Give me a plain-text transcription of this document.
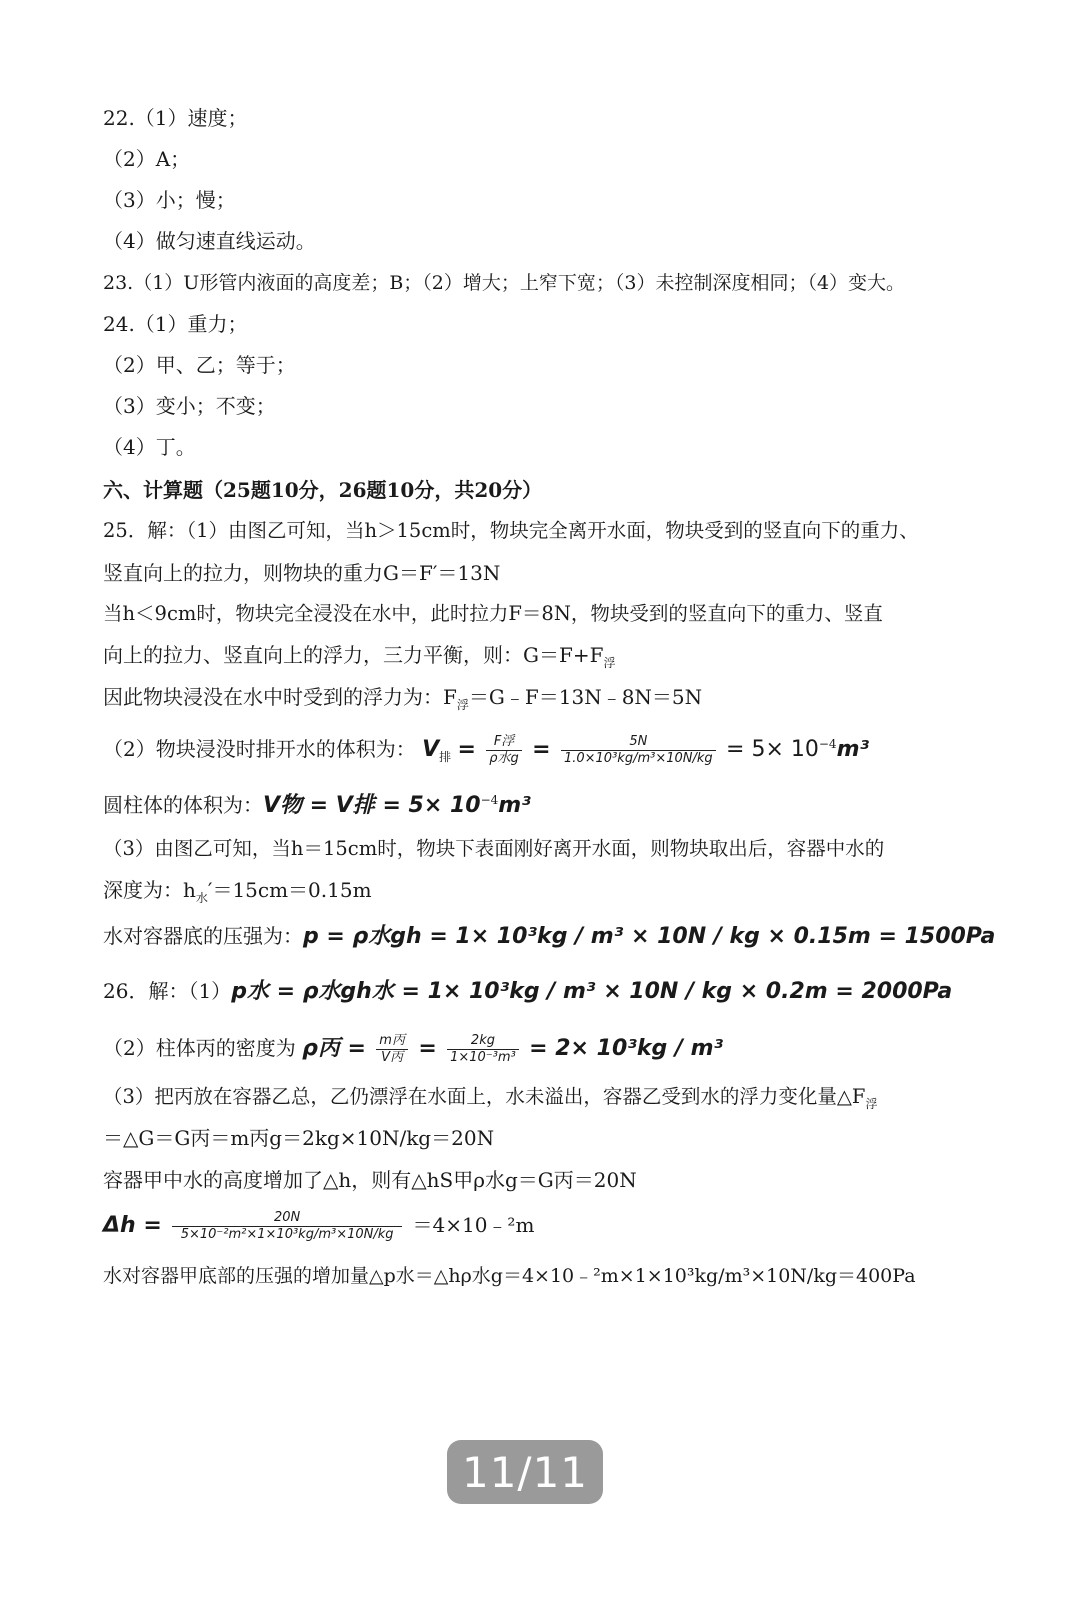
22.（1）速度；
（2）A；
（3）小；慢；
（4）做匀速直线运动。
23.（1）U形管内液面的高度差；B；（2）增大；上窄下宽；（3）未控制深度相同；（4）变大。
24.（1）重力；
（2）甲、乙；等于；
（3）变小；不变；
（4）丁。
六、计算题（25题10分，26题10分，共20分）
25．解：（1）由图乙可知，当h＞15cm时，物块完全离开水面，物块受到的竖直向下的重力、
竖直向上的拉力，则物块的重力G＝F′＝13N
当h＜9cm时，物块完全浸没在水中，此时拉力F＝8N，物块受到的竖直向下的重力、竖直
向上的拉力、竖直向上的浮力，三力平衡，则：$G=F+F_浮$
因此物块浸没在水中时受到的浮力为：$F_浮=G﹣F=13N﹣8N=5N$
（2）物块浸没时排开水的体积为： $V_排 = \frac{\text{F浮}}{\text{ρ水g}} = \frac{5N}{\text{1.0×10³kg/m³×10N/kg}} = 5\times 10^{-4}m^3$
圆柱体的体积为：V物 = V排 = $5\times 10^{-4}m^3$
（3）由图乙可知，当h＝15cm时，物块下表面刚好离开水面，则物块取出后，容器中水的
深度为：$h_水'=15cm=0.15m$
水对容器底的压强为：p = ρ水gh = 1× 10³kg / m³ × 10N / kg × 0.15m = 1500Pa
26．解：（1）p水 = ρ水gh水 = 1× 10³kg / m³ × 10N / kg × 0.2m = 2000Pa
（2）柱体丙的密度为 ρ丙 = $\frac{\text{m丙}}{\text{V丙}} = \frac{2kg}{\text{1×10⁻³m³}} = 2\times 10^3kg / m^3$
（3）把丙放在容器乙总，乙仍漂浮在水面上，水未溢出，容器乙受到水的浮力变化量$\triangle F_浮$
＝△G＝G丙＝m丙g＝2kg×10N/kg＝20N
容器甲中水的高度增加了△h，则有△hS甲ρ水g＝G丙＝20N
$\Delta h = \frac{20N}{\text{5×10⁻²m²×1×10³kg/m³×10N/kg}}$ ＝4×10﹣²m
水对容器甲底部的压强的增加量△p水＝△hρ水g＝4×10﹣²m×1×10³kg/m³×10N/kg＝400Pa
11/11
